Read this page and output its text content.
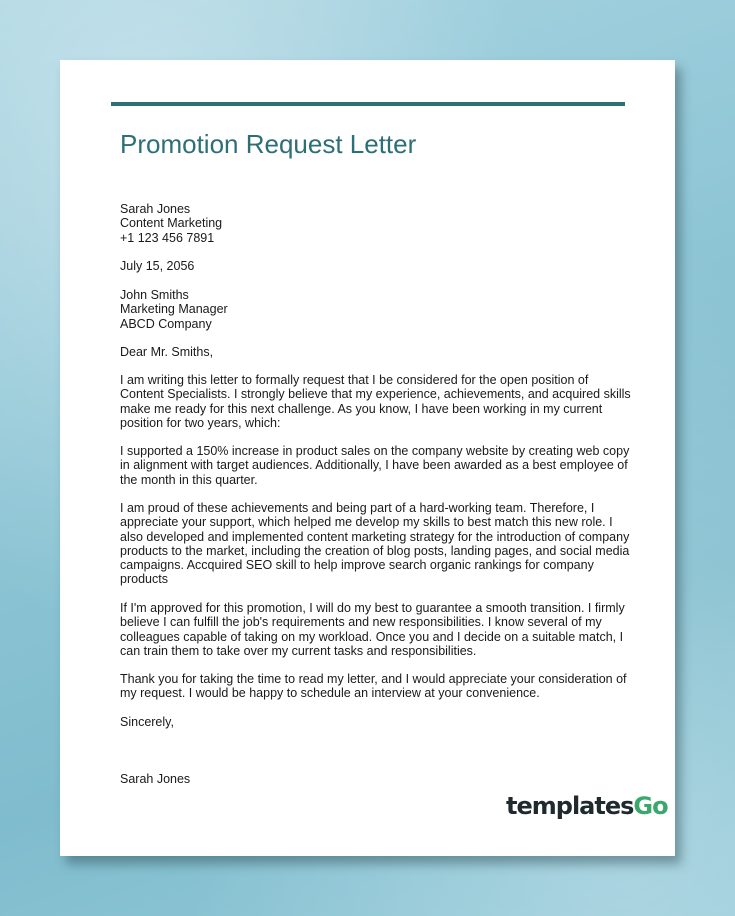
Promotion Request Letter
Sarah Jones
Content Marketing
+1 123 456 7891
July 15, 2056
John Smiths
Marketing Manager
ABCD Company
Dear Mr. Smiths,
I am writing this letter to formally request that I be considered for the open position of
Content Specialists. I strongly believe that my experience, achievements, and acquired skills
make me ready for this next challenge. As you know, I have been working in my current
position for two years, which:
I supported a 150% increase in product sales on the company website by creating web copy
in alignment with target audiences. Additionally, I have been awarded as a best employee of
the month in this quarter.
I am proud of these achievements and being part of a hard-working team. Therefore, I
appreciate your support, which helped me develop my skills to best match this new role. I
also developed and implemented content marketing strategy for the introduction of company
products to the market, including the creation of blog posts, landing pages, and social media
campaigns. Accquired SEO skill to help improve search organic rankings for company
products
If I'm approved for this promotion, I will do my best to guarantee a smooth transition. I firmly
believe I can fulfill the job's requirements and new responsibilities. I know several of my
colleagues capable of taking on my workload. Once you and I decide on a suitable match, I
can train them to take over my current tasks and responsibilities.
Thank you for taking the time to read my letter, and I would appreciate your consideration of
my request. I would be happy to schedule an interview at your convenience.
Sincerely,
Sarah Jones
templatesGo
